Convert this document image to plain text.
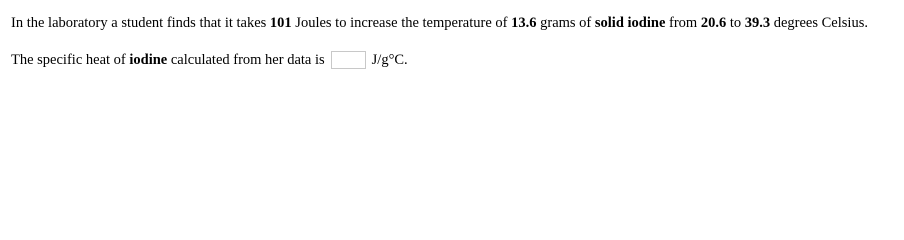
In the laboratory a student finds that it takes 101 Joules to increase the temperature of 13.6 grams of solid iodine from 20.6 to 39.3 degrees Celsius.
The specific heat of iodine calculated from her data is	J/g°C.
